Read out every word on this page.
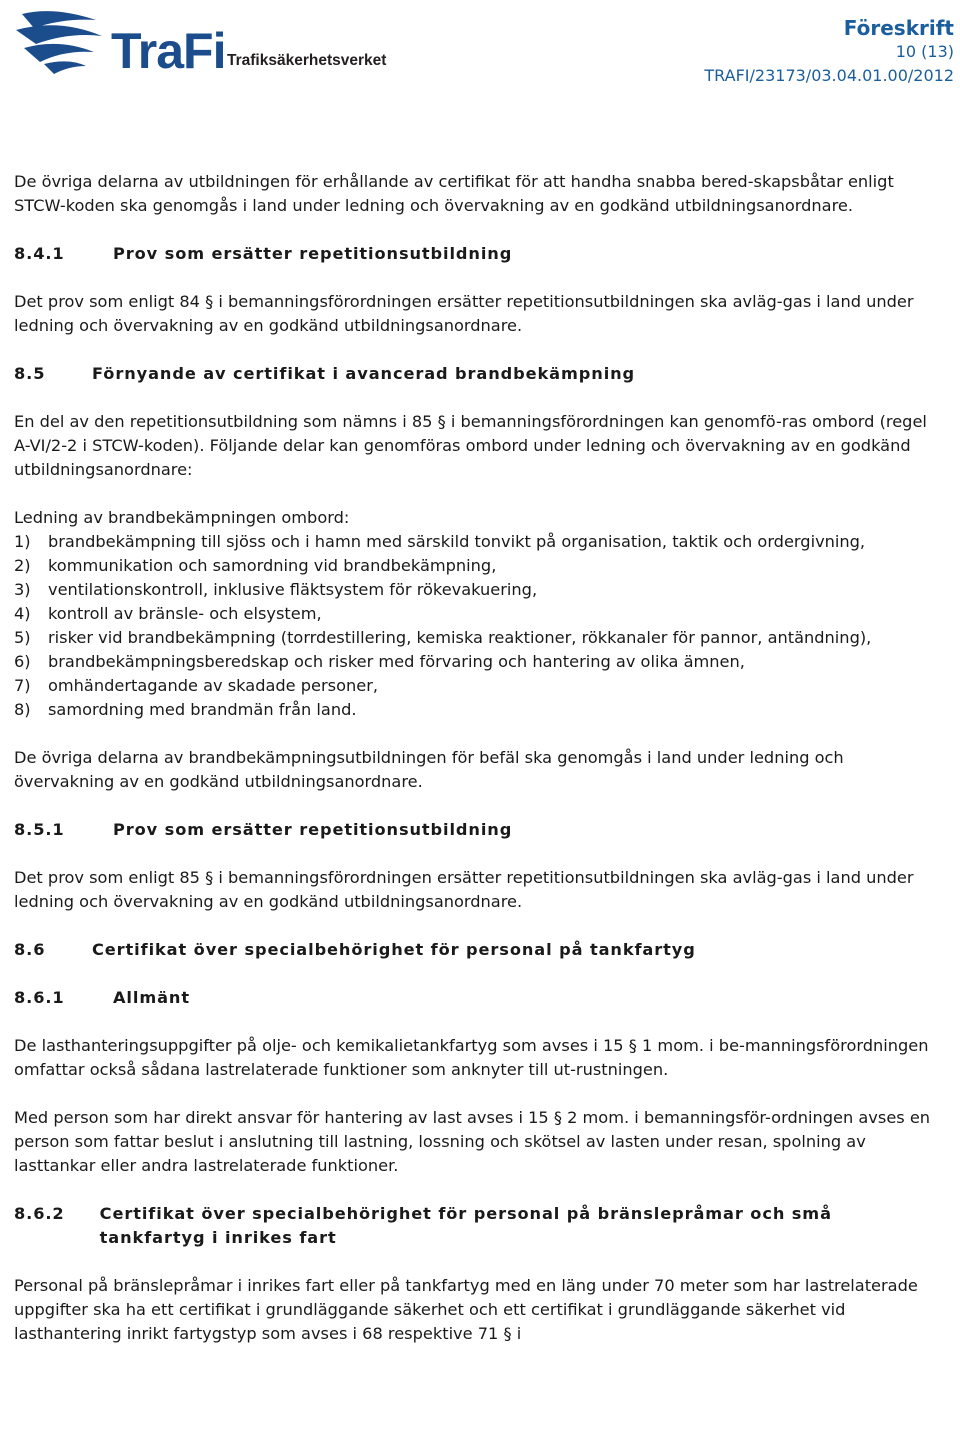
TraFi Trafiksäkerhetsverket
Föreskrift
10 (13)
TRAFI/23173/03.04.01.00/2012

De övriga delarna av utbildningen för erhållande av certifikat för att handha snabba bered-skapsbåtar enligt STCW-koden ska genomgås i land under ledning och övervakning av en godkänd utbildningsanordnare.

8.4.1	Prov som ersätter repetitionsutbildning

Det prov som enligt 84 § i bemanningsförordningen ersätter repetitionsutbildningen ska avläg-gas i land under ledning och övervakning av en godkänd utbildningsanordnare.

8.5	Förnyande av certifikat i avancerad brandbekämpning

En del av den repetitionsutbildning som nämns i 85 § i bemanningsförordningen kan genomfö-ras ombord (regel A-VI/2-2 i STCW-koden). Följande delar kan genomföras ombord under ledning och övervakning av en godkänd utbildningsanordnare:

Ledning av brandbekämpningen ombord:

1)	brandbekämpning till sjöss och i hamn med särskild tonvikt på organisation, taktik och ordergivning,
2)	kommunikation och samordning vid brandbekämpning,
3)	ventilationskontroll, inklusive fläktsystem för rökevakuering,
4)	kontroll av bränsle- och elsystem,
5)	risker vid brandbekämpning (torrdestillering, kemiska reaktioner, rökkanaler för pannor, antändning),
6)	brandbekämpningsberedskap och risker med förvaring och hantering av olika ämnen,
7)	omhändertagande av skadade personer,
8)	samordning med brandmän från land.

De övriga delarna av brandbekämpningsutbildningen för befäl ska genomgås i land under ledning och övervakning av en godkänd utbildningsanordnare.

8.5.1	Prov som ersätter repetitionsutbildning

Det prov som enligt 85 § i bemanningsförordningen ersätter repetitionsutbildningen ska avläg-gas i land under ledning och övervakning av en godkänd utbildningsanordnare.

8.6	Certifikat över specialbehörighet för personal på tankfartyg
8.6.1	Allmänt

De lasthanteringsuppgifter på olje- och kemikalietankfartyg som avses i 15 § 1 mom. i be-manningsförordningen omfattar också sådana lastrelaterade funktioner som anknyter till ut-rustningen.

Med person som har direkt ansvar för hantering av last avses i 15 § 2 mom. i bemanningsför-ordningen avses en person som fattar beslut i anslutning till lastning, lossning och skötsel av lasten under resan, spolning av lasttankar eller andra lastrelaterade funktioner.

8.6.2	Certifikat över specialbehörighet för personal på bränslepråmar och små tankfartyg i inrikes fart

Personal på bränslepråmar i inrikes fart eller på tankfartyg med en läng under 70 meter som har lastrelaterade uppgifter ska ha ett certifikat i grundläggande säkerhet och ett certifikat i grundläggande säkerhet vid lasthantering inrikt fartygstyp som avses i 68 respektive 71 § i
